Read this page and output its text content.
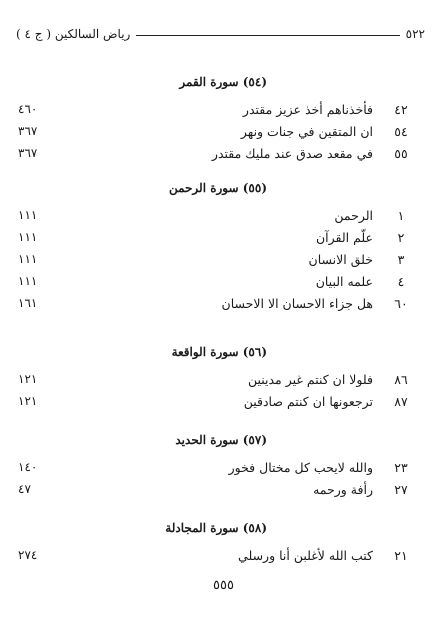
٥٢٢
رياض السالكين ( ج ٤ )
(٥٤) سورة القمر
٤٢
فأخذناهم أخذ عزيز مقتدر
٤٦٠
٥٤
ان المتقين في جنات ونهر
٣٦٧
٥٥
في مقعد صدق عند مليك مقتدر
٣٦٧
(٥٥) سورة الرحمن
١
الرحمن
١١١
٢
علّم القرآن
١١١
٣
خلق الانسان
١١١
٤
علمه البيان
١١١
٦٠
هل جزاء الاحسان الا الاحسان
١٦١
(٥٦) سورة الواقعة
٨٦
فلولا ان كنتم غير مدينين
١٢١
٨٧
ترجعونها ان كنتم صادقين
١٢١
(٥٧) سورة الحديد
٢٣
والله لايحب كل مختال فخور
١٤٠
٢٧
رأفة ورحمه
٤٧
(٥٨) سورة المجادلة
٢١
كتب الله لأغلبن أنا ورسلي
٢٧٤
٥٥٥
